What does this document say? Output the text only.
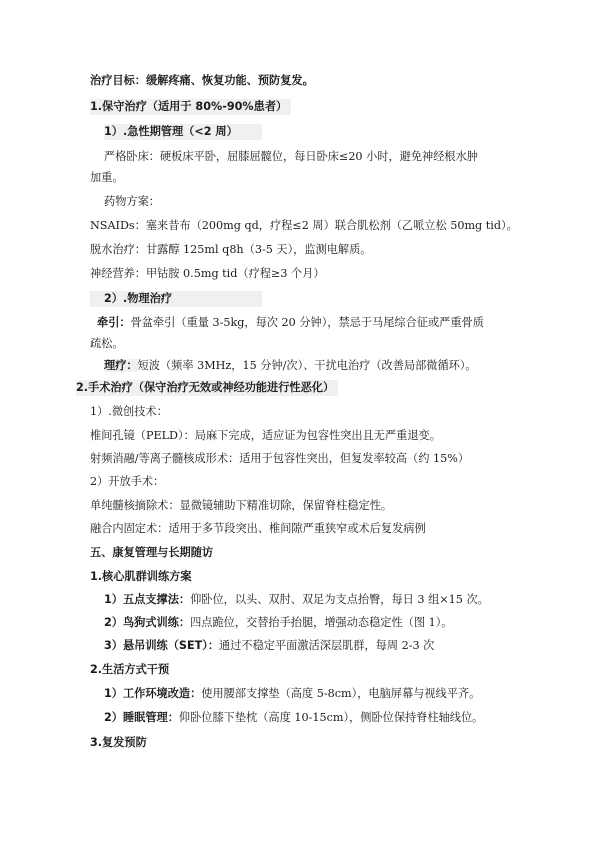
治疗目标：缓解疼痛、恢复功能、预防复发。
1.保守治疗（适用于 80%-90%患者）
1）.急性期管理（<2 周）
严格卧床：硬板床平卧，屈膝屈髋位，每日卧床≤20 小时，避免神经根水肿
加重。
药物方案：
NSAIDs：塞来昔布（200mg qd，疗程≤2 周）联合肌松剂（乙哌立松 50mg tid）。
脱水治疗：甘露醇 125ml q8h（3-5 天），监测电解质。
神经营养：甲钴胺 0.5mg tid（疗程≥3 个月）
2）.物理治疗
牵引：骨盆牵引（重量 3-5kg，每次 20 分钟），禁忌于马尾综合征或严重骨质
疏松。
理疗：短波（频率 3MHz，15 分钟/次）、干扰电治疗（改善局部微循环）。
2.手术治疗（保守治疗无效或神经功能进行性恶化）
1）.微创技术：
椎间孔镜（PELD）：局麻下完成，适应证为包容性突出且无严重退变。
射频消融/等离子髓核成形术：适用于包容性突出，但复发率较高（约 15%）
2）开放手术：
单纯髓核摘除术：显微镜辅助下精准切除，保留脊柱稳定性。
融合内固定术：适用于多节段突出、椎间隙严重狭窄或术后复发病例
五、康复管理与长期随访
1.核心肌群训练方案
1）五点支撑法：仰卧位，以头、双肘、双足为支点抬臀，每日 3 组×15 次。
2）鸟狗式训练：四点跪位，交替抬手抬腿，增强动态稳定性（图 1）。
3）悬吊训练（SET）：通过不稳定平面激活深层肌群，每周 2-3 次
2.生活方式干预
1）工作环境改造：使用腰部支撑垫（高度 5-8cm），电脑屏幕与视线平齐。
2）睡眠管理：仰卧位膝下垫枕（高度 10-15cm），侧卧位保持脊柱轴线位。
3.复发预防
